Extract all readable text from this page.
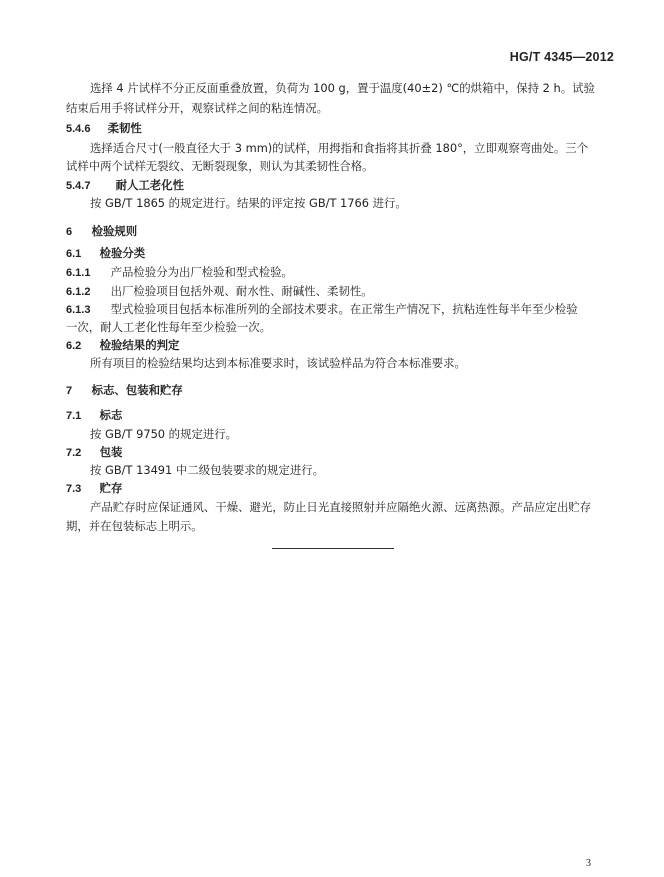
HG/T 4345—2012
选择 4 片试样不分正反面重叠放置，负荷为 100 g，置于温度(40±2) ℃的烘箱中，保持 2 h。试验
结束后用手将试样分开，观察试样之间的粘连情况。
5.4.6 柔韧性
选择适合尺寸(一般直径大于 3 mm)的试样，用拇指和食指将其折叠 180°，立即观察弯曲处。三个
试样中两个试样无裂纹、无断裂现象，则认为其柔韧性合格。
5.4.7 耐人工老化性
按 GB/T 1865 的规定进行。结果的评定按 GB/T 1766 进行。
6 检验规则
6.1 检验分类
6.1.1 产品检验分为出厂检验和型式检验。
6.1.2 出厂检验项目包括外观、耐水性、耐碱性、柔韧性。
6.1.3 型式检验项目包括本标准所列的全部技术要求。在正常生产情况下，抗粘连性每半年至少检验
一次，耐人工老化性每年至少检验一次。
6.2 检验结果的判定
所有项目的检验结果均达到本标准要求时，该试验样品为符合本标准要求。
7 标志、包装和贮存
7.1 标志
按 GB/T 9750 的规定进行。
7.2 包装
按 GB/T 13491 中二级包装要求的规定进行。
7.3 贮存
产品贮存时应保证通风、干燥、避光，防止日光直接照射并应隔绝火源、远离热源。产品应定出贮存
期，并在包装标志上明示。
3
